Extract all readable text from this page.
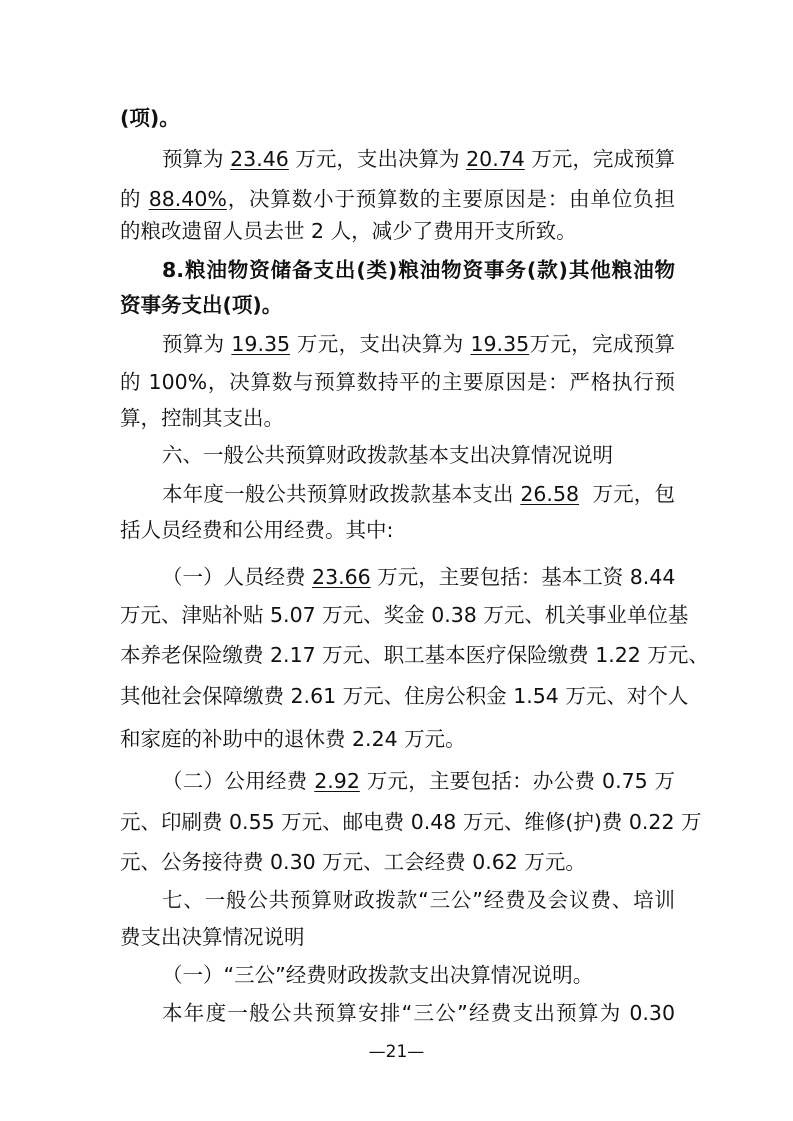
(项)。
预算为 23.46 万元，支出决算为 20.74 万元，完成预算
的 88.40%，决算数小于预算数的主要原因是：由单位负担
的粮改遗留人员去世 2 人，减少了费用开支所致。
8.粮油物资储备支出(类)粮油物资事务(款)其他粮油物
资事务支出(项)。
预算为 19.35 万元，支出决算为 19.35万元，完成预算
的 100%，决算数与预算数持平的主要原因是：严格执行预
算，控制其支出。
六、一般公共预算财政拨款基本支出决算情况说明
本年度一般公共预算财政拨款基本支出 26.58 万元，包
括人员经费和公用经费。其中:
（一）人员经费 23.66 万元，主要包括：基本工资 8.44
万元、津贴补贴 5.07 万元、奖金 0.38 万元、机关事业单位基
本养老保险缴费 2.17 万元、职工基本医疗保险缴费 1.22 万元、
其他社会保障缴费 2.61 万元、住房公积金 1.54 万元、对个人
和家庭的补助中的退休费 2.24 万元。
（二）公用经费 2.92 万元，主要包括：办公费 0.75 万
元、印刷费 0.55 万元、邮电费 0.48 万元、维修(护)费 0.22 万
元、公务接待费 0.30 万元、工会经费 0.62 万元。
七、一般公共预算财政拨款“三公”经费及会议费、培训
费支出决算情况说明
（一）“三公”经费财政拨款支出决算情况说明。
本年度一般公共预算安排“三公”经费支出预算为 0.30
—21—
